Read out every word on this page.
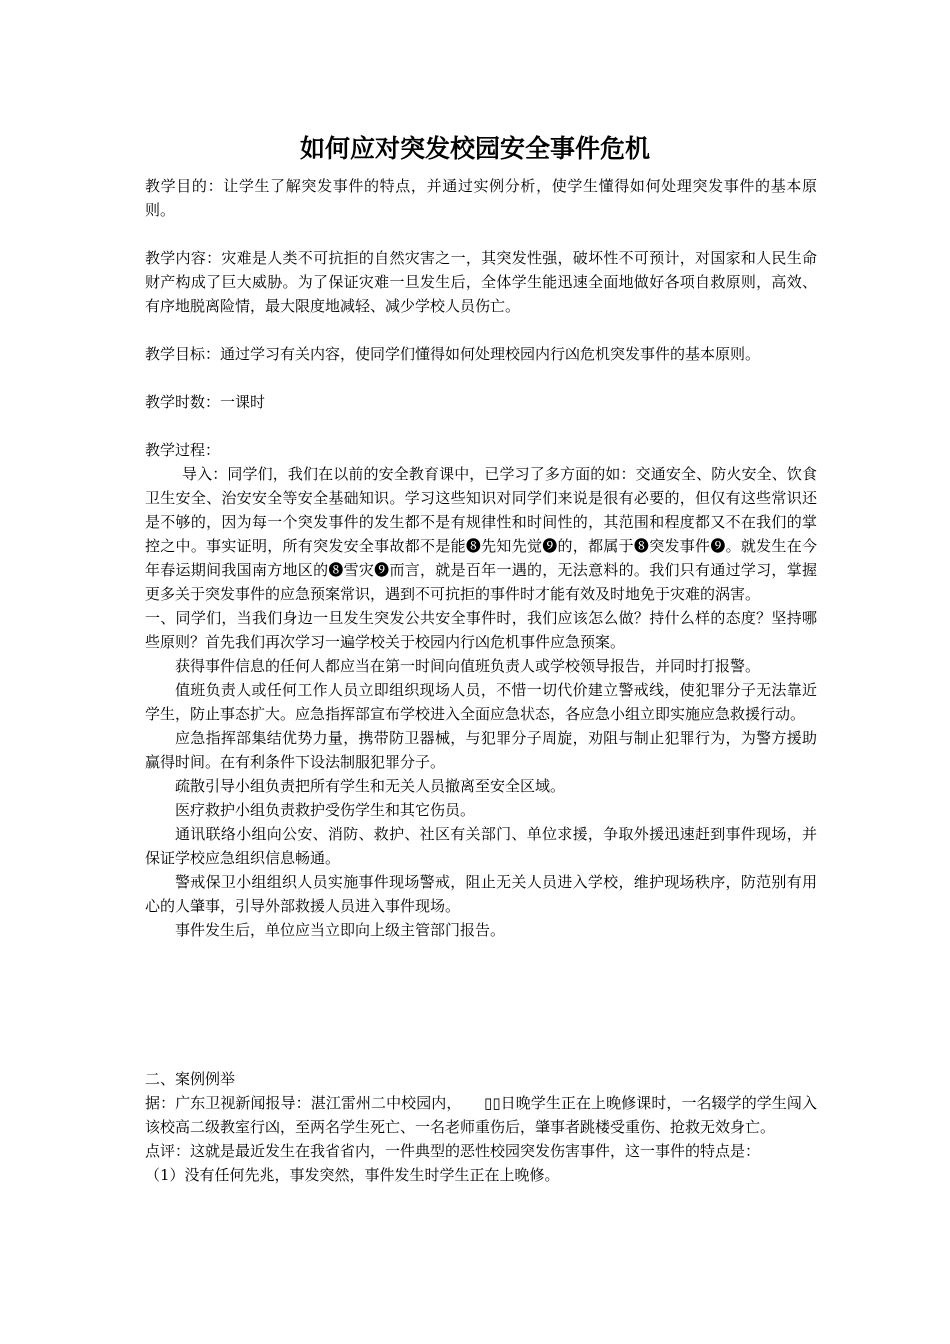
如何应对突发校园安全事件危机

教学目的：让学生了解突发事件的特点，并通过实例分析，使学生懂得如何处理突发事件的基本原则。

教学内容：灾难是人类不可抗拒的自然灾害之一，其突发性强，破坏性不可预计，对国家和人民生命财产构成了巨大威胁。为了保证灾难一旦发生后，全体学生能迅速全面地做好各项自救原则，高效、有序地脱离险情，最大限度地减轻、减少学校人员伤亡。

教学目标：通过学习有关内容，使同学们懂得如何处理校园内行凶危机突发事件的基本原则。

教学时数：一课时

教学过程：

导入：同学们，我们在以前的安全教育课中，已学习了多方面的如：交通安全、防火安全、饮食卫生安全、治安安全等安全基础知识。学习这些知识对同学们来说是很有必要的，但仅有这些常识还是不够的，因为每一个突发事件的发生都不是有规律性和时间性的，其范围和程度都又不在我们的掌控之中。事实证明，所有突发安全事故都不是能❽先知先觉❾的，都属于❽突发事件❾。就发生在今年春运期间我国南方地区的❽雪灾❾而言，就是百年一遇的，无法意料的。我们只有通过学习，掌握更多关于突发事件的应急预案常识，遇到不可抗拒的事件时才能有效及时地免于灾难的涡害。

一、同学们，当我们身边一旦发生突发公共安全事件时，我们应该怎么做？持什么样的态度？坚持哪些原则？首先我们再次学习一遍学校关于校园内行凶危机事件应急预案。

获得事件信息的任何人都应当在第一时间向值班负责人或学校领导报告，并同时打报警。

值班负责人或任何工作人员立即组织现场人员，不惜一切代价建立警戒线，使犯罪分子无法靠近学生，防止事态扩大。应急指挥部宣布学校进入全面应急状态，各应急小组立即实施应急救援行动。

应急指挥部集结优势力量，携带防卫器械，与犯罪分子周旋，劝阻与制止犯罪行为，为警方援助赢得时间。在有利条件下设法制服犯罪分子。

疏散引导小组负责把所有学生和无关人员撤离至安全区域。

医疗救护小组负责救护受伤学生和其它伤员。

通讯联络小组向公安、消防、救护、社区有关部门、单位求援，争取外援迅速赶到事件现场，并保证学校应急组织信息畅通。

警戒保卫小组组织人员实施事件现场警戒，阻止无关人员进入学校，维护现场秩序，防范别有用心的人肇事，引导外部救援人员进入事件现场。

事件发生后，单位应当立即向上级主管部门报告。

二、案例例举

据：广东卫视新闻报导：湛江雷州二中校园内，　　▯▯日晚学生正在上晚修课时，一名辍学的学生闯入该校高二级教室行凶，至两名学生死亡、一名老师重伤后，肇事者跳楼受重伤、抢救无效身亡。

点评：这就是最近发生在我省省内，一件典型的恶性校园突发伤害事件，这一事件的特点是：

（1）没有任何先兆，事发突然，事件发生时学生正在上晚修。
